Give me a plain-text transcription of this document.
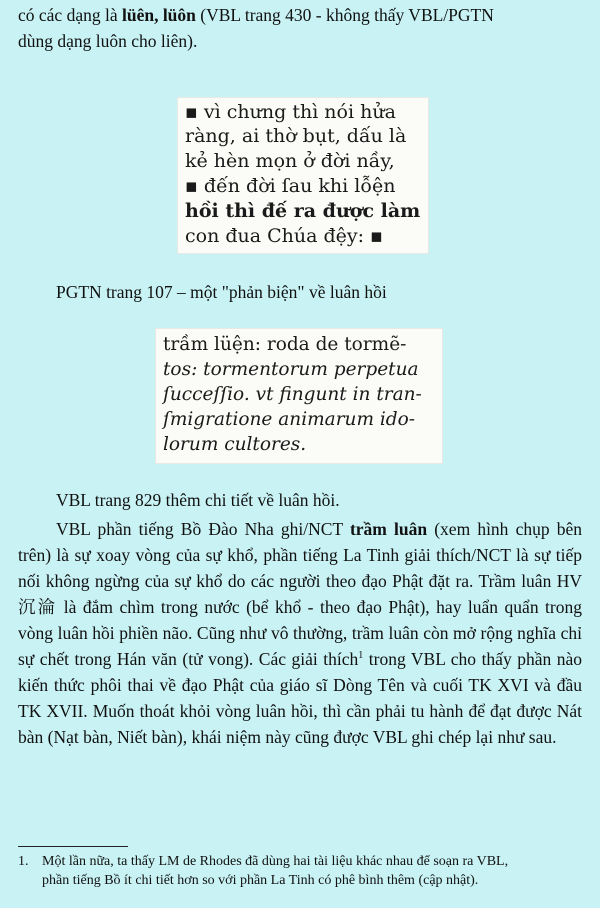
có các dạng là lüên, lüôn (VBL trang 430 - không thấy VBL/PGTN
dùng dạng luôn cho liên).

▪ vì chưng thì nói hửa
ràng, ai thờ bụt, dấu là
kẻ hèn mọn ở đời nầy,
▪ đến đời ſau khi lỗện
hồi thì đế ra được làm
con đua Chúa đệy: ▪

PGTN trang 107 – một "phản biện" về luân hồi

trầm lüện: roda de tormẽ-
tos: tormentorum perpetua
ſucceſſio. vt fingunt in tran-
ſmigratione animarum ido-
lorum cultores.

VBL trang 829 thêm chi tiết về luân hồi.

VBL phần tiếng Bồ Đào Nha ghi/NCT trầm luân (xem hình chụp bên trên) là sự xoay vòng của sự khổ, phần tiếng La Tinh giải thích/NCT là sự tiếp nối không ngừng của sự khổ do các người theo đạo Phật đặt ra. Trầm luân HV 沉淪 là đắm chìm trong nước (bể khổ - theo đạo Phật), hay luẩn quẩn trong vòng luân hồi phiền não. Cũng như vô thường, trầm luân còn mở rộng nghĩa chỉ sự chết trong Hán văn (tử vong). Các giải thích$^1$ trong VBL cho thấy phần nào kiến thức phôi thai về đạo Phật của giáo sĩ Dòng Tên và cuối TK XVI và đầu TK XVII. Muốn thoát khỏi vòng luân hồi, thì cần phải tu hành để đạt được Nát bàn (Nạt bàn, Niết bàn), khái niệm này cũng được VBL ghi chép lại như sau.

1. Một lần nữa, ta thấy LM de Rhodes đã dùng hai tài liệu khác nhau để soạn ra VBL,
phần tiếng Bồ ít chi tiết hơn so với phần La Tinh có phê bình thêm (cập nhật).
